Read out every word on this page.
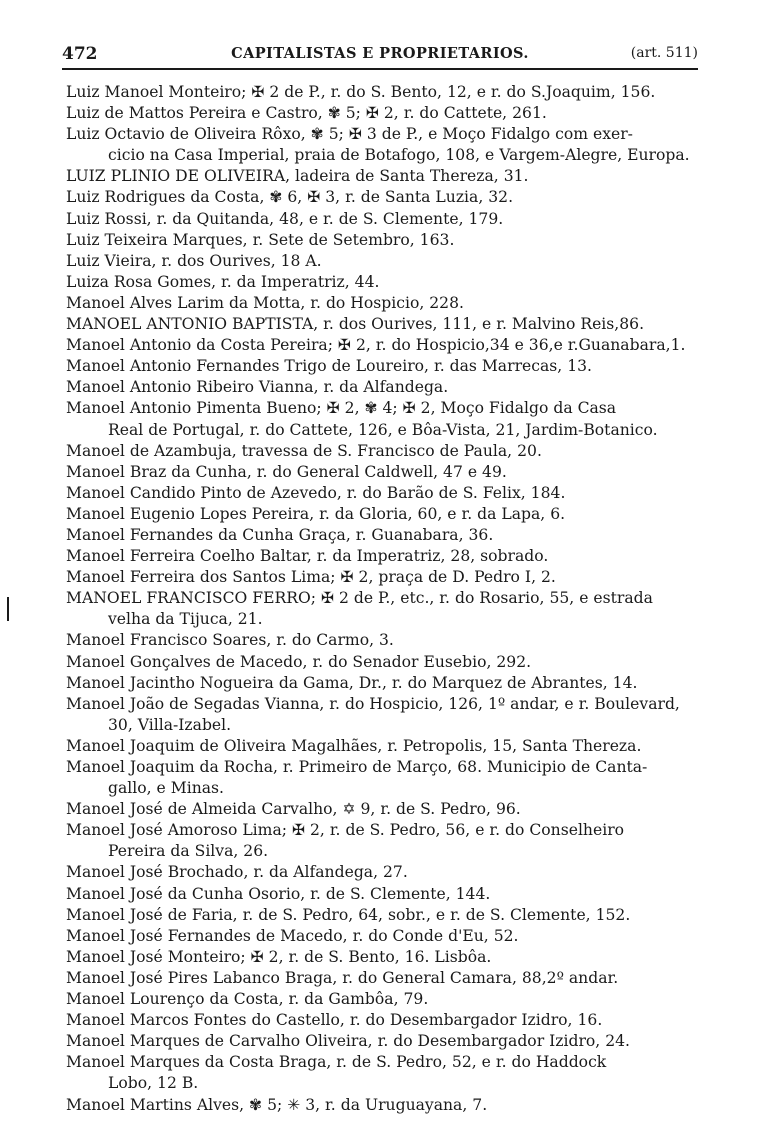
472	CAPITALISTAS E PROPRIETARIOS.	(art. 511)
Luiz Manoel Monteiro; ✠ 2 de P., r. do S. Bento, 12, e r. do S.Joaquim, 156.
Luiz de Mattos Pereira e Castro, ✾ 5; ✠ 2, r. do Cattete, 261.
Luiz Octavio de Oliveira Rôxo, ✾ 5; ✠ 3 de P., e Moço Fidalgo com exer-
cicio na Casa Imperial, praia de Botafogo, 108, e Vargem-Alegre, Europa.
LUIZ PLINIO DE OLIVEIRA, ladeira de Santa Thereza, 31.
Luiz Rodrigues da Costa, ✾ 6, ✠ 3, r. de Santa Luzia, 32.
Luiz Rossi, r. da Quitanda, 48, e r. de S. Clemente, 179.
Luiz Teixeira Marques, r. Sete de Setembro, 163.
Luiz Vieira, r. dos Ourives, 18 A.
Luiza Rosa Gomes, r. da Imperatriz, 44.
Manoel Alves Larim da Motta, r. do Hospicio, 228.
MANOEL ANTONIO BAPTISTA, r. dos Ourives, 111, e r. Malvino Reis,86.
Manoel Antonio da Costa Pereira; ✠ 2, r. do Hospicio,34 e 36,e r.Guanabara,1.
Manoel Antonio Fernandes Trigo de Loureiro, r. das Marrecas, 13.
Manoel Antonio Ribeiro Vianna, r. da Alfandega.
Manoel Antonio Pimenta Bueno; ✠ 2, ✾ 4; ✠ 2, Moço Fidalgo da Casa
Real de Portugal, r. do Cattete, 126, e Bôa-Vista, 21, Jardim-Botanico.
Manoel de Azambuja, travessa de S. Francisco de Paula, 20.
Manoel Braz da Cunha, r. do General Caldwell, 47 e 49.
Manoel Candido Pinto de Azevedo, r. do Barão de S. Felix, 184.
Manoel Eugenio Lopes Pereira, r. da Gloria, 60, e r. da Lapa, 6.
Manoel Fernandes da Cunha Graça, r. Guanabara, 36.
Manoel Ferreira Coelho Baltar, r. da Imperatriz, 28, sobrado.
Manoel Ferreira dos Santos Lima; ✠ 2, praça de D. Pedro I, 2.
MANOEL FRANCISCO FERRO; ✠ 2 de P., etc., r. do Rosario, 55, e estrada
velha da Tijuca, 21.
Manoel Francisco Soares, r. do Carmo, 3.
Manoel Gonçalves de Macedo, r. do Senador Eusebio, 292.
Manoel Jacintho Nogueira da Gama, Dr., r. do Marquez de Abrantes, 14.
Manoel João de Segadas Vianna, r. do Hospicio, 126, 1º andar, e r. Boulevard,
30, Villa-Izabel.
Manoel Joaquim de Oliveira Magalhães, r. Petropolis, 15, Santa Thereza.
Manoel Joaquim da Rocha, r. Primeiro de Março, 68. Municipio de Canta-
gallo, e Minas.
Manoel José de Almeida Carvalho, ✡ 9, r. de S. Pedro, 96.
Manoel José Amoroso Lima; ✠ 2, r. de S. Pedro, 56, e r. do Conselheiro
Pereira da Silva, 26.
Manoel José Brochado, r. da Alfandega, 27.
Manoel José da Cunha Osorio, r. de S. Clemente, 144.
Manoel José de Faria, r. de S. Pedro, 64, sobr., e r. de S. Clemente, 152.
Manoel José Fernandes de Macedo, r. do Conde d'Eu, 52.
Manoel José Monteiro; ✠ 2, r. de S. Bento, 16. Lisbôa.
Manoel José Pires Labanco Braga, r. do General Camara, 88,2º andar.
Manoel Lourenço da Costa, r. da Gambôa, 79.
Manoel Marcos Fontes do Castello, r. do Desembargador Izidro, 16.
Manoel Marques de Carvalho Oliveira, r. do Desembargador Izidro, 24.
Manoel Marques da Costa Braga, r. de S. Pedro, 52, e r. do Haddock
Lobo, 12 B.
Manoel Martins Alves, ✾ 5; ✳ 3, r. da Uruguayana, 7.
